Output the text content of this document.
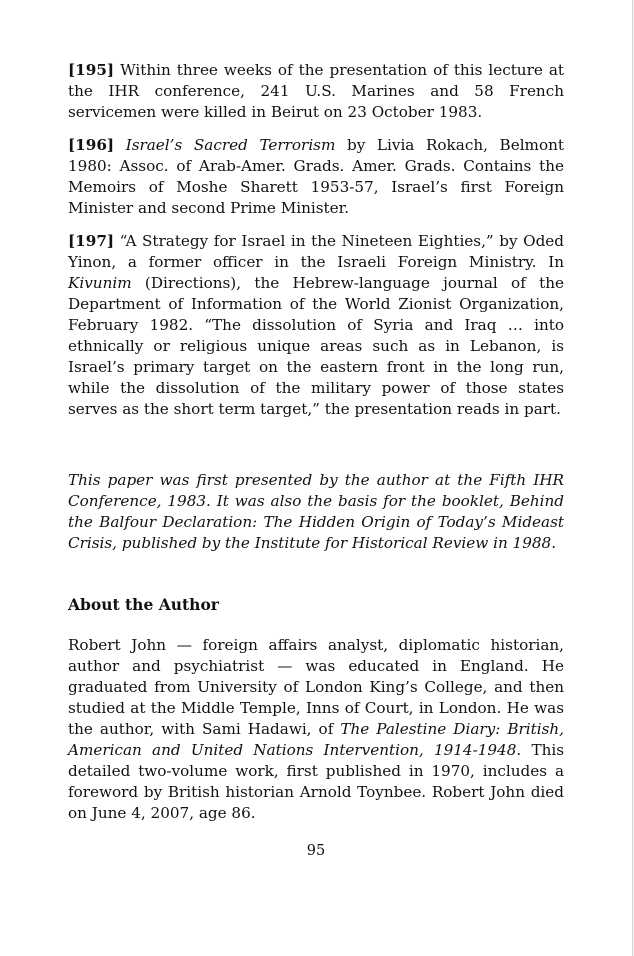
[195] Within three weeks of the presentation of this lecture at the IHR conference, 241 U.S. Marines and 58 French servicemen were killed in Beirut on 23 October 1983.

[196] Israel’s Sacred Terrorism by Livia Rokach, Belmont 1980: Assoc. of Arab-Amer. Grads. Amer. Grads. Contains the Memoirs of Moshe Sharett 1953-57, Israel’s first Foreign Minister and second Prime Minister.

[197] “A Strategy for Israel in the Nineteen Eighties,” by Oded Yinon, a former officer in the Israeli Foreign Ministry. In Kivunim (Directions), the Hebrew-language journal of the Department of Information of the World Zionist Organization, February 1982. “The dissolution of Syria and Iraq … into ethnically or religious unique areas such as in Lebanon, is Israel’s primary target on the eastern front in the long run, while the dissolution of the military power of those states serves as the short term target,” the presentation reads in part.

This paper was first presented by the author at the Fifth IHR Conference, 1983. It was also the basis for the booklet, Behind the Balfour Declaration: The Hidden Origin of Today’s Mideast Crisis, published by the Institute for Historical Review in 1988.

About the Author

Robert John — foreign affairs analyst, diplomatic historian, author and psychiatrist — was educated in England. He graduated from University of London King’s College, and then studied at the Middle Temple, Inns of Court, in London. He was the author, with Sami Hadawi, of The Palestine Diary: British, American and United Nations Intervention, 1914-1948. This detailed two-volume work, first published in 1970, includes a foreword by British historian Arnold Toynbee. Robert John died on June 4, 2007, age 86.

95
